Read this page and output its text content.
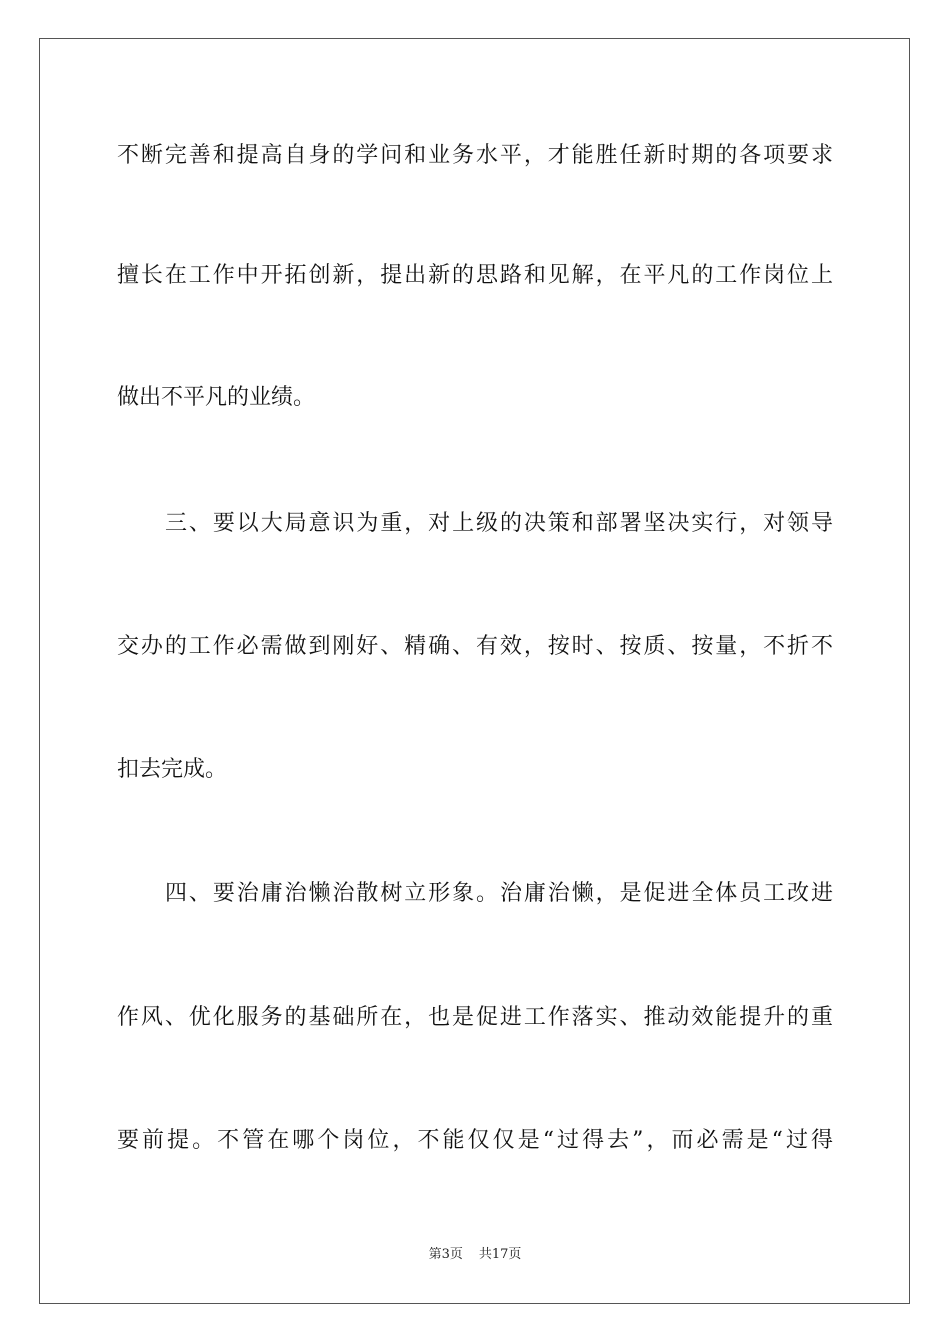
不断完善和提高自身的学问和业务水平，才能胜任新时期的各项要求
擅长在工作中开拓创新，提出新的思路和见解，在平凡的工作岗位上
做出不平凡的业绩。
三、要以大局意识为重，对上级的决策和部署坚决实行，对领导
交办的工作必需做到刚好、精确、有效，按时、按质、按量，不折不
扣去完成。
四、要治庸治懒治散树立形象。治庸治懒，是促进全体员工改进
作风、优化服务的基础所在，也是促进工作落实、推动效能提升的重
要前提。不管在哪个岗位，不能仅仅是“过得去”，而必需是“过得
第3页 共17页
